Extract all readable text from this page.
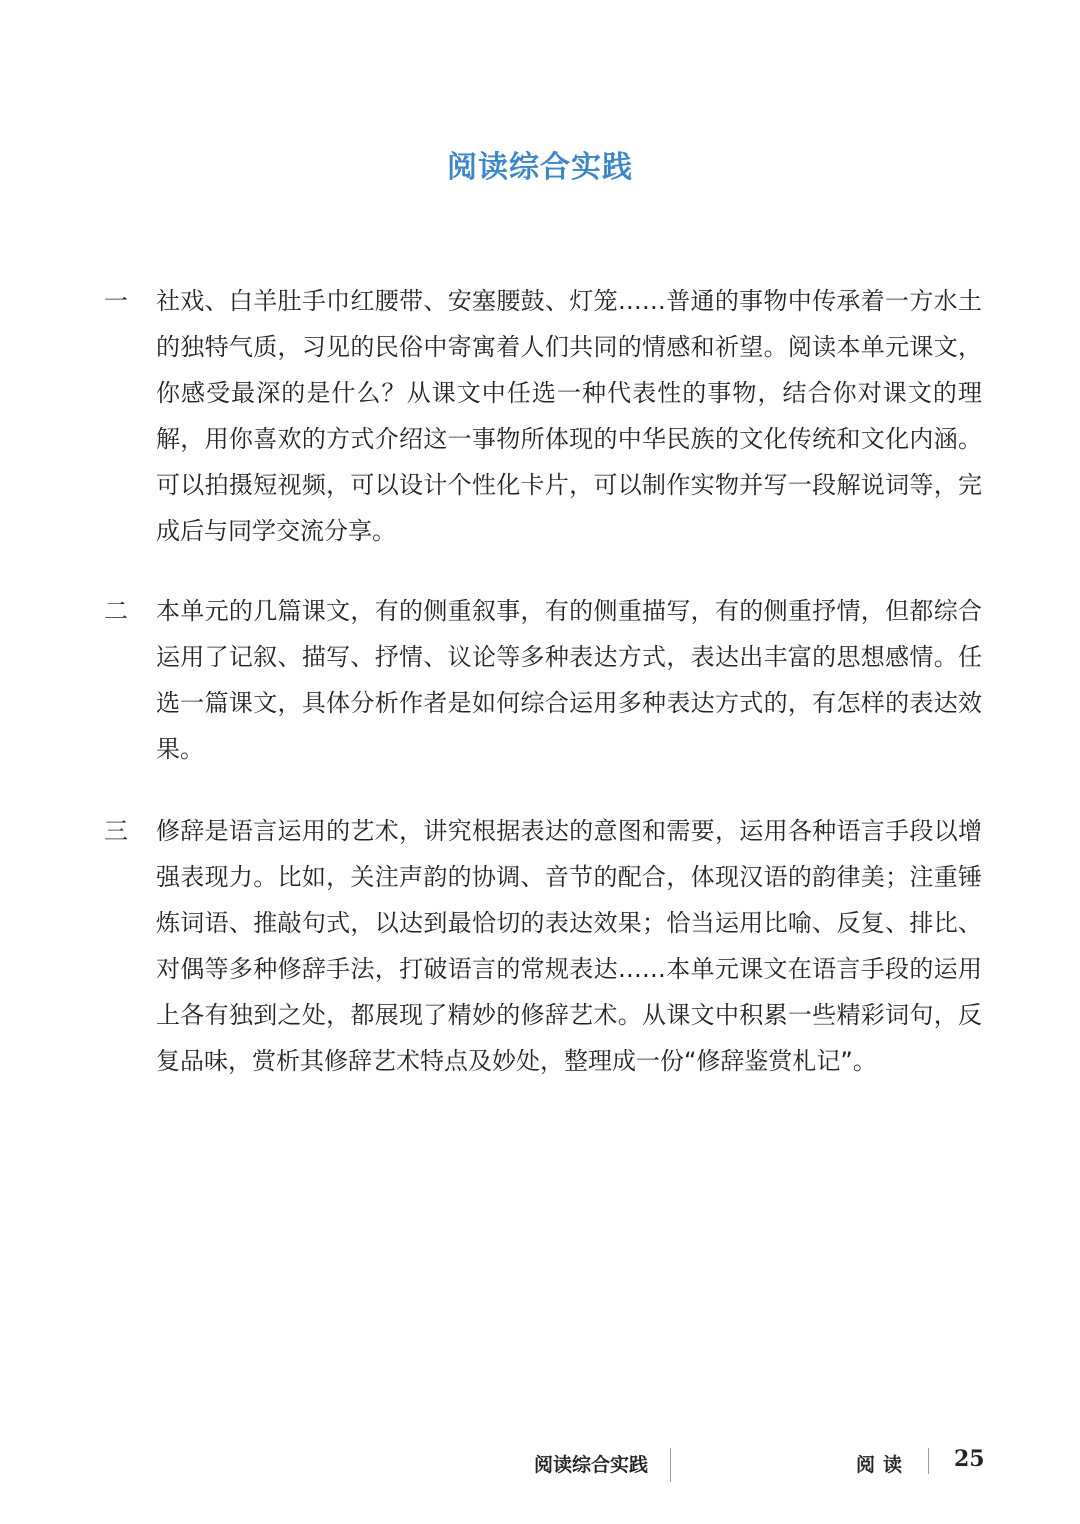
阅读综合实践
一	社戏、白羊肚手巾红腰带、安塞腰鼓、灯笼……普通的事物中传承着一方水土的独特气质，习见的民俗中寄寓着人们共同的情感和祈望。阅读本单元课文，你感受最深的是什么？从课文中任选一种代表性的事物，结合你对课文的理解，用你喜欢的方式介绍这一事物所体现的中华民族的文化传统和文化内涵。可以拍摄短视频，可以设计个性化卡片，可以制作实物并写一段解说词等，完成后与同学交流分享。
二	本单元的几篇课文，有的侧重叙事，有的侧重描写，有的侧重抒情，但都综合运用了记叙、描写、抒情、议论等多种表达方式，表达出丰富的思想感情。任选一篇课文，具体分析作者是如何综合运用多种表达方式的，有怎样的表达效果。
三	修辞是语言运用的艺术，讲究根据表达的意图和需要，运用各种语言手段以增强表现力。比如，关注声韵的协调、音节的配合，体现汉语的韵律美；注重锤炼词语、推敲句式，以达到最恰切的表达效果；恰当运用比喻、反复、排比、对偶等多种修辞手法，打破语言的常规表达……本单元课文在语言手段的运用上各有独到之处，都展现了精妙的修辞艺术。从课文中积累一些精彩词句，反复品味，赏析其修辞艺术特点及妙处，整理成一份“修辞鉴赏札记”。
阅读综合实践	阅读 25
